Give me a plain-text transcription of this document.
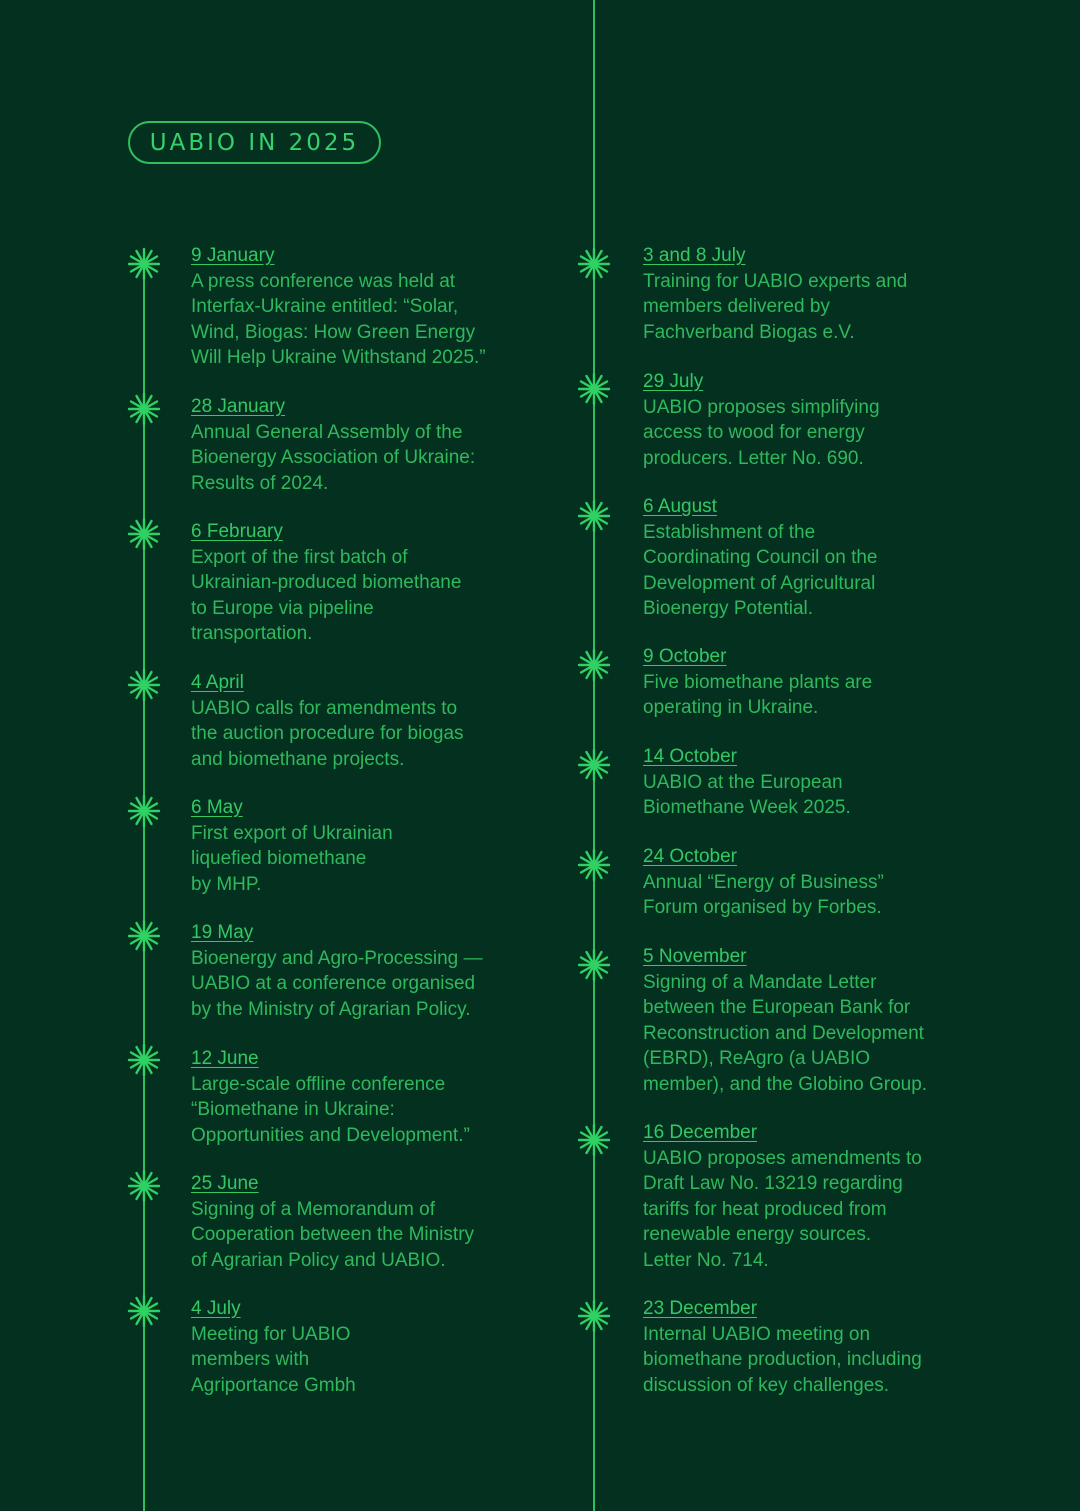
UABIO IN 2025
9 January
A press conference was held at
Interfax-Ukraine entitled: “Solar,
Wind, Biogas: How Green Energy
Will Help Ukraine Withstand 2025.”
28 January
Annual General Assembly of the
Bioenergy Association of Ukraine:
Results of 2024.
6 February
Export of the first batch of
Ukrainian-produced biomethane
to Europe via pipeline
transportation.
4 April
UABIO calls for amendments to
the auction procedure for biogas
and biomethane projects.
6 May
First export of Ukrainian
liquefied biomethane
by MHP.
19 May
Bioenergy and Agro-Processing —
UABIO at a conference organised
by the Ministry of Agrarian Policy.
12 June
Large-scale offline conference
“Biomethane in Ukraine:
Opportunities and Development.”
25 June
Signing of a Memorandum of
Cooperation between the Ministry
of Agrarian Policy and UABIO.
4 July
Meeting for UABIO
members with
Agriportance Gmbh
3 and 8 July
Training for UABIO experts and
members delivered by
Fachverband Biogas e.V.
29 July
UABIO proposes simplifying
access to wood for energy
producers. Letter No. 690.
6 August
Establishment of the
Coordinating Council on the
Development of Agricultural
Bioenergy Potential.
9 October
Five biomethane plants are
operating in Ukraine.
14 October
UABIO at the European
Biomethane Week 2025.
24 October
Annual “Energy of Business”
Forum organised by Forbes.
5 November
Signing of a Mandate Letter
between the European Bank for
Reconstruction and Development
(EBRD), ReAgro (a UABIO
member), and the Globino Group.
16 December
UABIO proposes amendments to
Draft Law No. 13219 regarding
tariffs for heat produced from
renewable energy sources.
Letter No. 714.
23 December
Internal UABIO meeting on
biomethane production, including
discussion of key challenges.
